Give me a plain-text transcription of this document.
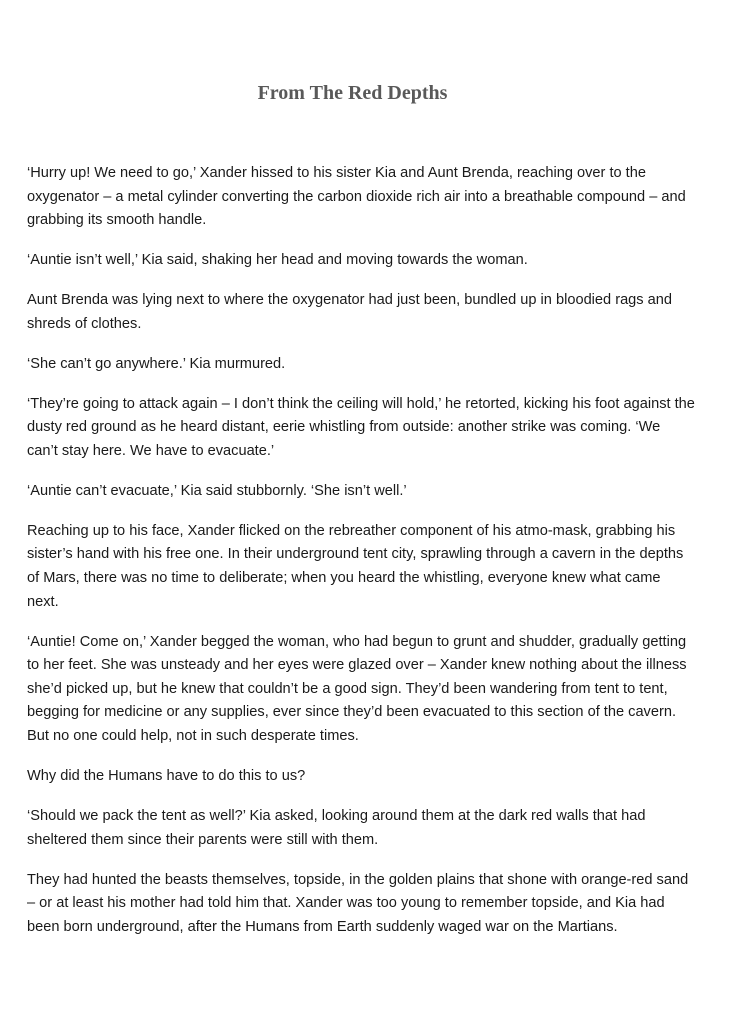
From The Red Depths

‘Hurry up! We need to go,’ Xander hissed to his sister Kia and Aunt Brenda, reaching over to the oxygenator – a metal cylinder converting the carbon dioxide rich air into a breathable compound – and grabbing its smooth handle.

‘Auntie isn’t well,’ Kia said, shaking her head and moving towards the woman.

Aunt Brenda was lying next to where the oxygenator had just been, bundled up in bloodied rags and shreds of clothes.

‘She can’t go anywhere.’ Kia murmured.

‘They’re going to attack again – I don’t think the ceiling will hold,’ he retorted, kicking his foot against the dusty red ground as he heard distant, eerie whistling from outside: another strike was coming. ‘We can’t stay here. We have to evacuate.’

‘Auntie can’t evacuate,’ Kia said stubbornly. ‘She isn’t well.’

Reaching up to his face, Xander flicked on the rebreather component of his atmo-mask, grabbing his sister’s hand with his free one. In their underground tent city, sprawling through a cavern in the depths of Mars, there was no time to deliberate; when you heard the whistling, everyone knew what came next.

‘Auntie! Come on,’ Xander begged the woman, who had begun to grunt and shudder, gradually getting to her feet. She was unsteady and her eyes were glazed over – Xander knew nothing about the illness she’d picked up, but he knew that couldn’t be a good sign. They’d been wandering from tent to tent, begging for medicine or any supplies, ever since they’d been evacuated to this section of the cavern. But no one could help, not in such desperate times.

Why did the Humans have to do this to us?

‘Should we pack the tent as well?’ Kia asked, looking around them at the dark red walls that had sheltered them since their parents were still with them.

They had hunted the beasts themselves, topside, in the golden plains that shone with orange-red sand – or at least his mother had told him that. Xander was too young to remember topside, and Kia had been born underground, after the Humans from Earth suddenly waged war on the Martians.
